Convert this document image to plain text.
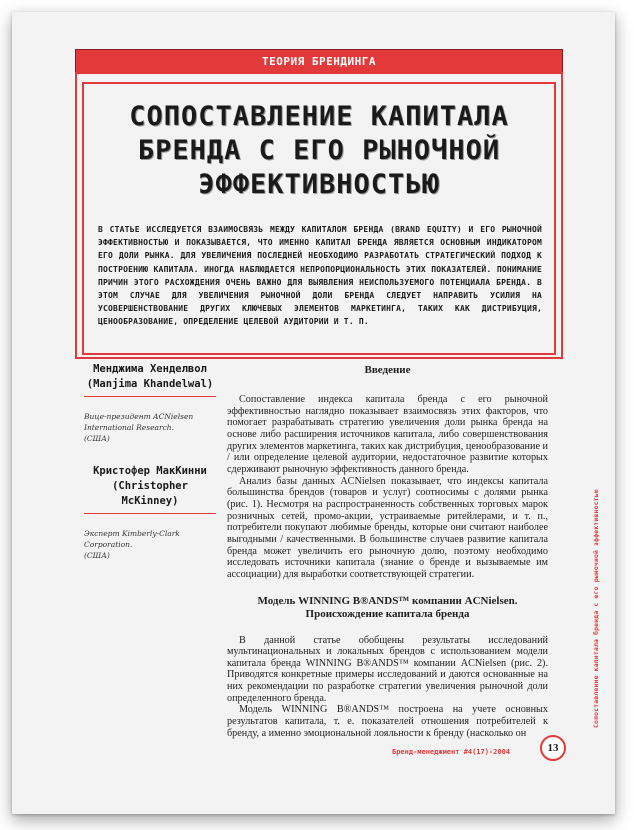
ТЕОРИЯ БРЕНДИНГА
СОПОСТАВЛЕНИЕ КАПИТАЛА БРЕНДА С ЕГО РЫНОЧНОЙ ЭФФЕКТИВНОСТЬЮ

В СТАТЬЕ ИССЛЕДУЕТСЯ ВЗАИМОСВЯЗЬ МЕЖДУ КАПИТАЛОМ БРЕНДА (BRAND EQUITY) И ЕГО РЫНОЧНОЙ ЭФФЕКТИВНОСТЬЮ И ПОКАЗЫВАЕТСЯ, ЧТО ИМЕННО КАПИТАЛ БРЕНДА ЯВЛЯЕТСЯ ОСНОВНЫМ ИНДИКАТОРОМ ЕГО ДОЛИ РЫНКА. ДЛЯ УВЕЛИЧЕНИЯ ПОСЛЕДНЕЙ НЕОБХОДИМО РАЗРАБОТАТЬ СТРАТЕГИЧЕСКИЙ ПОДХОД К ПОСТРОЕНИЮ КАПИТАЛА. ИНОГДА НАБЛЮДАЕТСЯ НЕПРОПОРЦИОНАЛЬНОСТЬ ЭТИХ ПОКАЗАТЕЛЕЙ. ПОНИМАНИЕ ПРИЧИН ЭТОГО РАСХОЖДЕНИЯ ОЧЕНЬ ВАЖНО ДЛЯ ВЫЯВЛЕНИЯ НЕИСПОЛЬЗУЕМОГО ПОТЕНЦИАЛА БРЕНДА. В ЭТОМ СЛУЧАЕ ДЛЯ УВЕЛИЧЕНИЯ РЫНОЧНОЙ ДОЛИ БРЕНДА СЛЕДУЕТ НАПРАВИТЬ УСИЛИЯ НА УСОВЕРШЕНСТВОВАНИЕ ДРУГИХ КЛЮЧЕВЫХ ЭЛЕМЕНТОВ МАРКЕТИНГА, ТАКИХ КАК ДИСТРИБУЦИЯ, ЦЕНООБРАЗОВАНИЕ, ОПРЕДЕЛЕНИЕ ЦЕЛЕВОЙ АУДИТОРИИ И Т. П.

Менджима Хенделвол (Manjima Khandelwal)

Вице-президент ACNielsen International Research.

(США)

Кристофер МакКинни (Christopher McKinney)

Эксперт Kimberly-Clark Corporation.

(США)

Введение

Сопоставление индекса капитала бренда с его рыночной эффективностью наглядно показывает взаимосвязь этих факторов, что помогает разрабатывать стратегию увеличения доли рынка бренда на основе либо расширения источников капитала, либо совершенствования других элементов маркетинга, таких как дистрибуция, ценообразование и / или определение целевой аудитории, недостаточное развитие которых сдерживают рыночную эффективность данного бренда.

Анализ базы данных ACNielsen показывает, что индексы капитала большинства брендов (товаров и услуг) соотносимы с долями рынка (рис. 1). Несмотря на распространенность собственных торговых марок розничных сетей, промо-акции, устраиваемые ритейлерами, и т. п., потребители покупают любимые бренды, которые они считают наиболее выгодными / качественными. В большинстве случаев развитие капитала бренда может увеличить его рыночную долю, поэтому необходимо исследовать источники капитала (знание о бренде и вызываемые им ассоциации) для выработки соответствующей стратегии.

Модель WINNING B®ANDS™ компании ACNielsen. Происхождение капитала бренда

В данной статье обобщены результаты исследований мультинациональных и локальных брендов с использованием модели капитала бренда WINNING B®ANDS™ компании ACNielsen (рис. 2). Приводятся конкретные примеры исследований и даются основанные на них рекомендации по разработке стратегии увеличения рыночной доли определенного бренда.

Модель WINNING B®ANDS™ построена на учете основных результатов капитала, т. е. показателей отношения потребителей к бренду, а именно эмоциональной лояльности к бренду (насколько он

Сопоставление капитала бренда с его рыночной эффективностью
Бренд-менеджмент #4(17)-2004	13
